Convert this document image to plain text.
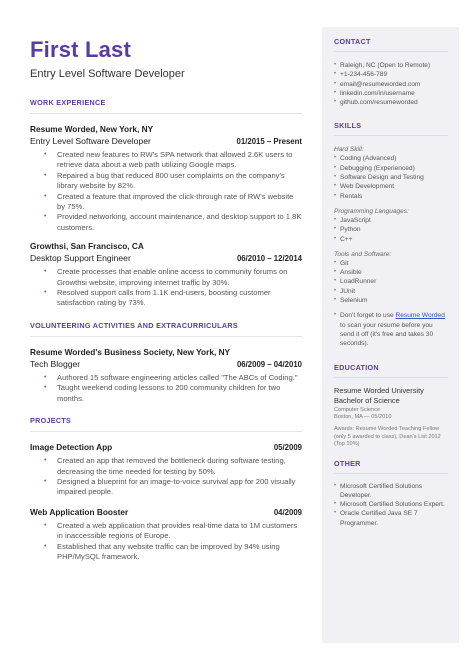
First Last
Entry Level Software Developer
WORK EXPERIENCE
Resume Worded, New York, NY
Entry Level Software Developer	01/2015 – Present
• Created new features to RW's SPA network that allowed 2.6K users to retrieve data about a web path utilizing Google maps.
• Repaired a bug that reduced 800 user complaints on the company's library website by 82%.
• Created a feature that improved the click-through rate of RW's website by 75%.
• Provided networking, account maintenance, and desktop support to 1.8K customers.
Growthsi, San Francisco, CA
Desktop Support Engineer	06/2010 – 12/2014
• Create processes that enable online access to community forums on Growthsi website, improving internet traffic by 30%.
• Resolved support calls from 1.1K end-users, boosting customer satisfaction rating by 73%.
VOLUNTEERING ACTIVITIES AND EXTRACURRICULARS
Resume Worded's Business Society, New York, NY
Tech Blogger	06/2009 – 04/2010
• Authored 15 software engineering articles called "The ABCs of Coding."
• Taught weekend coding lessons to 200 community children for two months.
PROJECTS
Image Detection App	05/2009
• Created an app that removed the bottleneck during software testing, decreasing the time needed for testing by 50%.
• Designed a blueprint for an image-to-voice survival app for 200 visually impaired people.
Web Application Booster	04/2009
• Created a web application that provides real-time data to 1M customers in inaccessible regions of Europe.
• Established that any website traffic can be improved by 94% using PHP/MySQL framework.
CONTACT
• Raleigh, NC (Open to Remote)
• +1-234-456-789
• email@resumeworded.com
• linkedin.com/in/username
• github.com/resumeworded
SKILLS
Hard Skill:
• Coding (Advanced)
• Debugging (Experienced)
• Software Design and Testing
• Web Development
• Rentals
Programming Languages:
• JavaScript
• Python
• C++
Tools and Software:
• Git
• Ansible
• LoadRunner
• JUnit
• Selenium
• Don't forget to use Resume Worded to scan your resume before you send it off (it's free and takes 30 seconds).
EDUCATION
Resume Worded University
Bachelor of Science
Computer Science
Boston, MA — 05/2010
Awards: Resume Worded Teaching Fellow (only 5 awarded to class), Dean's List 2012 (Top 10%)
OTHER
• Microsoft Certified Solutions Developer.
• Microsoft Certified Solutions Expert.
• Oracle Certified Java SE 7 Programmer.
